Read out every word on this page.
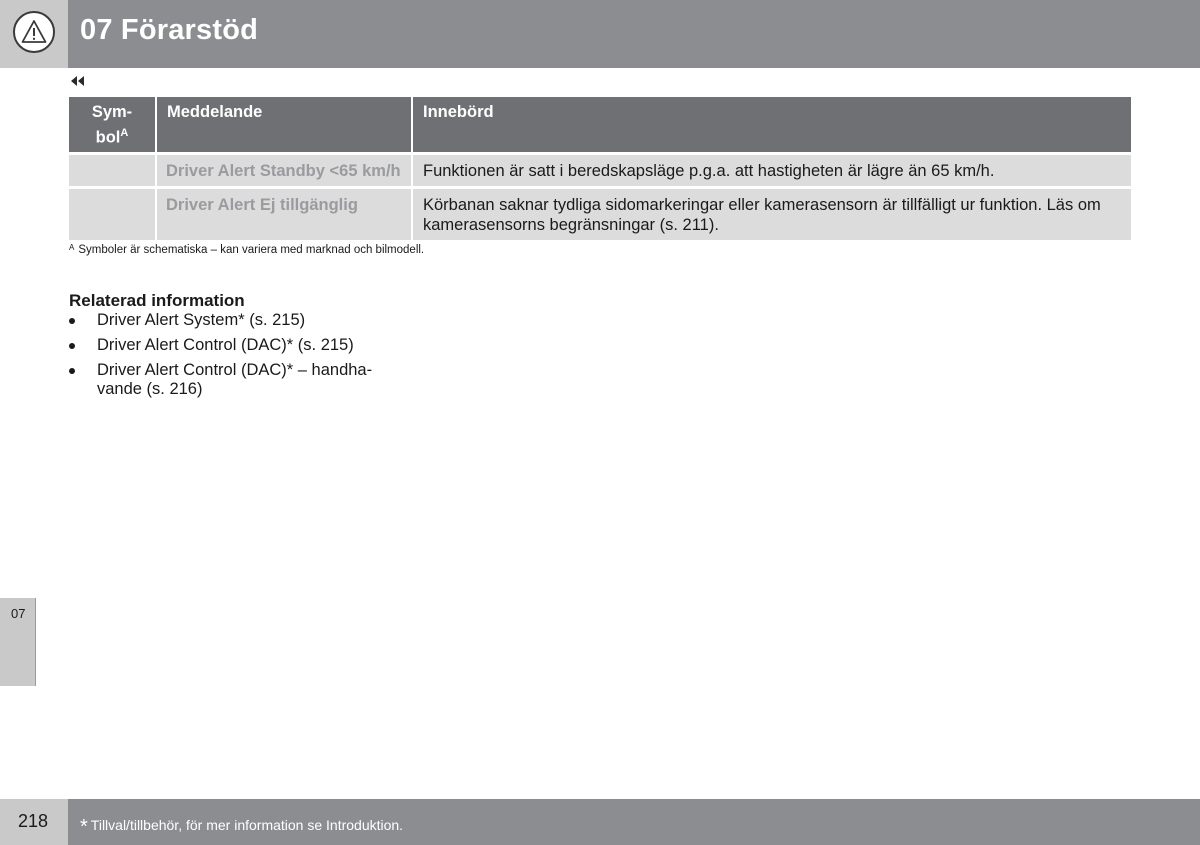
07 Förarstöd
Sym-
bol$^A$
Meddelande	Innebörd
Driver Alert Standby <65 km/h	Funktionen är satt i beredskapsläge p.g.a. att hastigheten är lägre än 65 km/h.
Driver Alert Ej tillgänglig	Körbanan saknar tydliga sidomarkeringar eller kamerasensorn är tillfälligt ur funktion. Läs om kamerasensorns begränsningar (s. 211).
$^A$ Symboler är schematiska – kan variera med marknad och bilmodell.
Relaterad information
Driver Alert System* (s. 215)
Driver Alert Control (DAC)* (s. 215)
Driver Alert Control (DAC)* – handha-vande (s. 216)
07
218 * Tillval/tillbehör, för mer information se Introduktion.
